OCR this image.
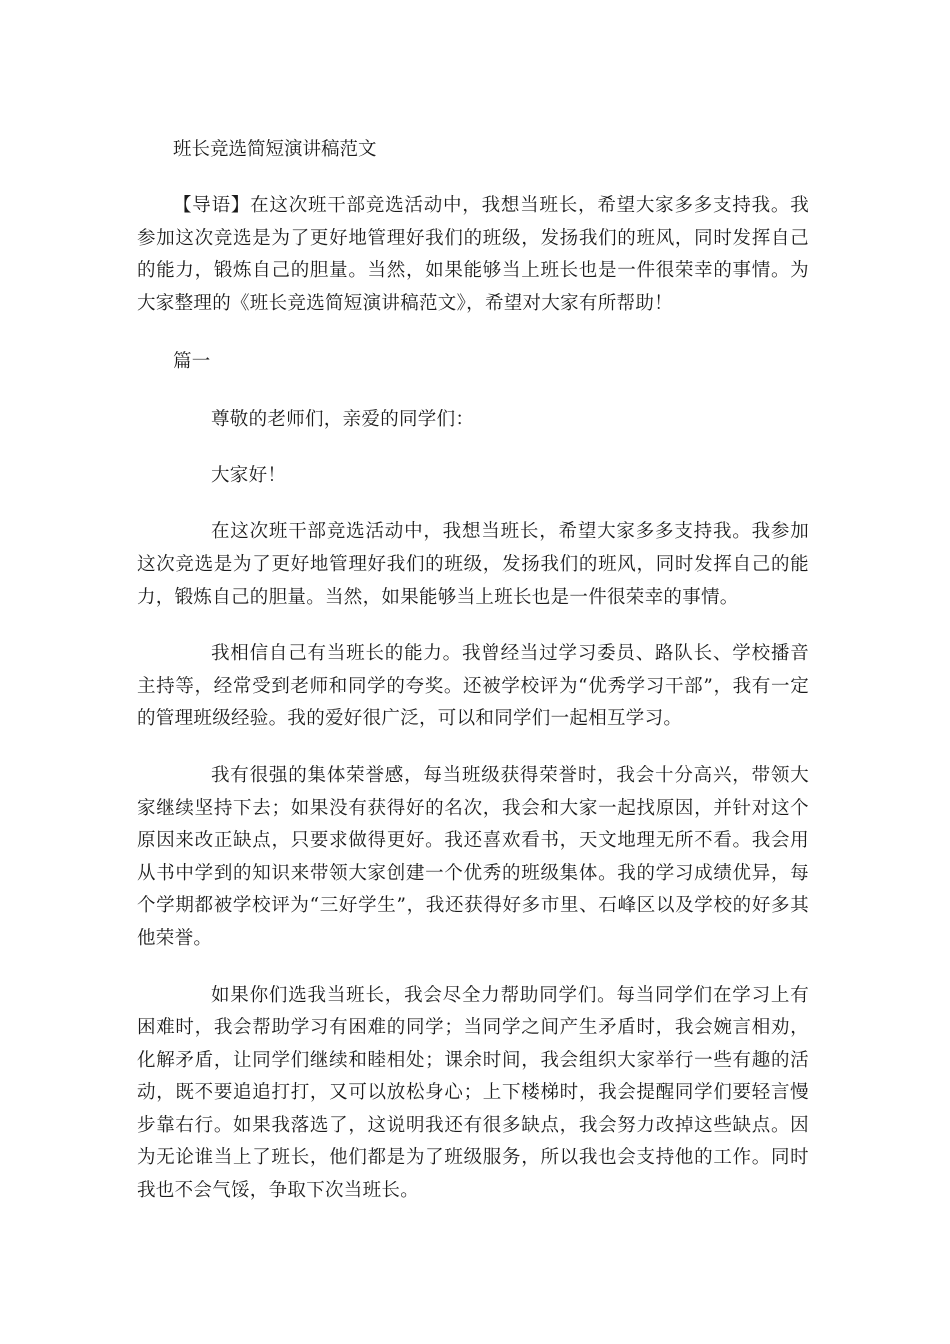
班长竞选简短演讲稿范文

【导语】在这次班干部竞选活动中，我想当班长，希望大家多多支持我。我参加这次竞选是为了更好地管理好我们的班级，发扬我们的班风，同时发挥自己的能力，锻炼自己的胆量。当然，如果能够当上班长也是一件很荣幸的事情。为大家整理的《班长竞选简短演讲稿范文》，希望对大家有所帮助！

篇一

尊敬的老师们，亲爱的同学们：

大家好！

在这次班干部竞选活动中，我想当班长，希望大家多多支持我。我参加这次竞选是为了更好地管理好我们的班级，发扬我们的班风，同时发挥自己的能力，锻炼自己的胆量。当然，如果能够当上班长也是一件很荣幸的事情。

我相信自己有当班长的能力。我曾经当过学习委员、路队长、学校播音主持等，经常受到老师和同学的夸奖。还被学校评为“优秀学习干部”，我有一定的管理班级经验。我的爱好很广泛，可以和同学们一起相互学习。

我有很强的集体荣誉感，每当班级获得荣誉时，我会十分高兴，带领大家继续坚持下去；如果没有获得好的名次，我会和大家一起找原因，并针对这个原因来改正缺点，只要求做得更好。我还喜欢看书，天文地理无所不看。我会用从书中学到的知识来带领大家创建一个优秀的班级集体。我的学习成绩优异，每个学期都被学校评为“三好学生”，我还获得好多市里、石峰区以及学校的好多其他荣誉。

如果你们选我当班长，我会尽全力帮助同学们。每当同学们在学习上有困难时，我会帮助学习有困难的同学；当同学之间产生矛盾时，我会婉言相劝，化解矛盾，让同学们继续和睦相处；课余时间，我会组织大家举行一些有趣的活动，既不要追追打打，又可以放松身心；上下楼梯时，我会提醒同学们要轻言慢步靠右行。如果我落选了，这说明我还有很多缺点，我会努力改掉这些缺点。因为无论谁当上了班长，他们都是为了班级服务，所以我也会支持他的工作。同时我也不会气馁，争取下次当班长。
